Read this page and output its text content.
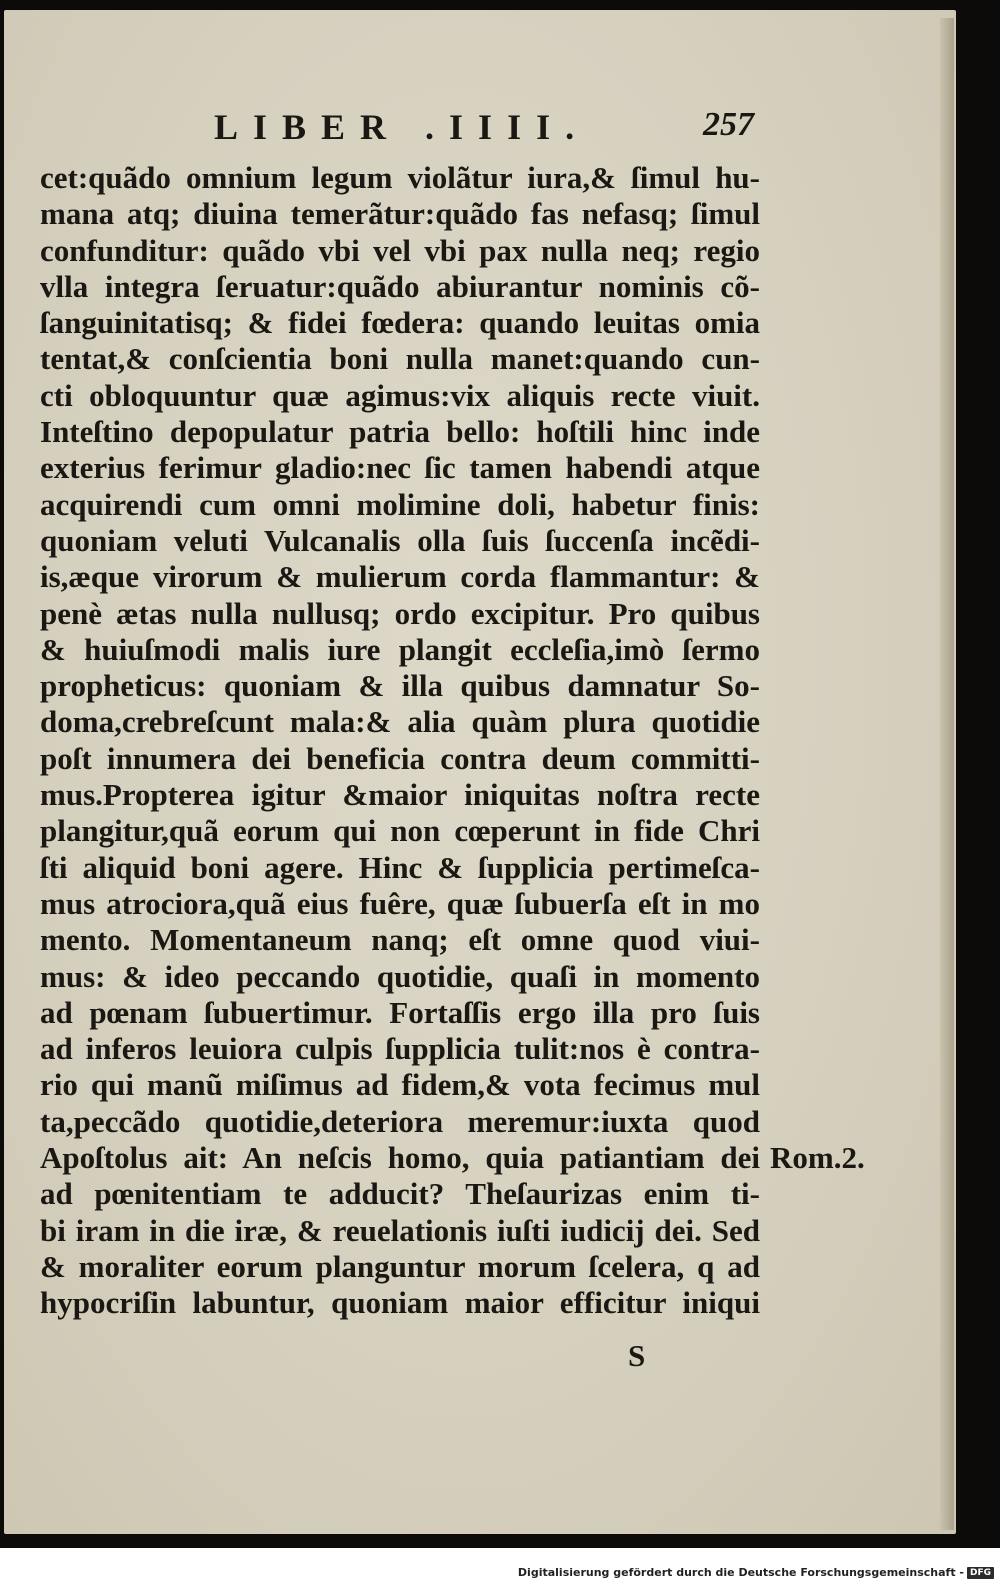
LIBER .IIII.	257
cet:quãdo omnium legum violãtur iura,& ſimul hu-
mana atq; diuina temerãtur:quãdo fas nefasq; ſimul
confunditur: quãdo vbi vel vbi pax nulla neq; regio
vlla integra ſeruatur:quãdo abiurantur nominis cõ-
ſanguinitatisq; & fidei fœdera: quando leuitas omia
tentat,& conſcientia boni nulla manet:quando cun-
cti obloquuntur quæ agimus:vix aliquis recte viuit.
Inteſtino depopulatur patria bello: hoſtili hinc inde
exterius ferimur gladio:nec ſic tamen habendi atque
acquirendi cum omni molimine doli, habetur finis:
quoniam veluti Vulcanalis olla ſuis ſuccenſa incẽdi-
is,æque virorum & mulierum corda flammantur: &
penè ætas nulla nullusq; ordo excipitur. Pro quibus
& huiuſmodi malis iure plangit eccleſia,imò ſermo
propheticus: quoniam & illa quibus damnatur So-
doma,crebreſcunt mala:& alia quàm plura quotidie
poſt innumera dei beneficia contra deum committi-
mus.Propterea igitur &maior iniquitas noſtra recte
plangitur,quã eorum qui non cœperunt in fide Chri
ſti aliquid boni agere. Hinc & ſupplicia pertimeſca-
mus atrociora,quã eius fuêre, quæ ſubuerſa eſt in mo
mento. Momentaneum nanq; eſt omne quod viui-
mus: & ideo peccando quotidie, quaſi in momento
ad pœnam ſubuertimur. Fortaſſis ergo illa pro ſuis
ad inferos leuiora culpis ſupplicia tulit:nos è contra-
rio qui manũ miſimus ad fidem,& vota fecimus mul
ta,peccãdo quotidie,deteriora meremur:iuxta quod
Apoſtolus ait: An neſcis homo, quia patiantiam dei
ad pœnitentiam te adducit? Theſaurizas enim ti-
bi iram in die iræ, & reuelationis iuſti iudicij dei. Sed
& moraliter eorum planguntur morum ſcelera, q ad
hypocriſin labuntur, quoniam maior efficitur iniqui
Rom.2.
S
Digitalisierung gefördert durch die Deutsche Forschungsgemeinschaft - DFG
